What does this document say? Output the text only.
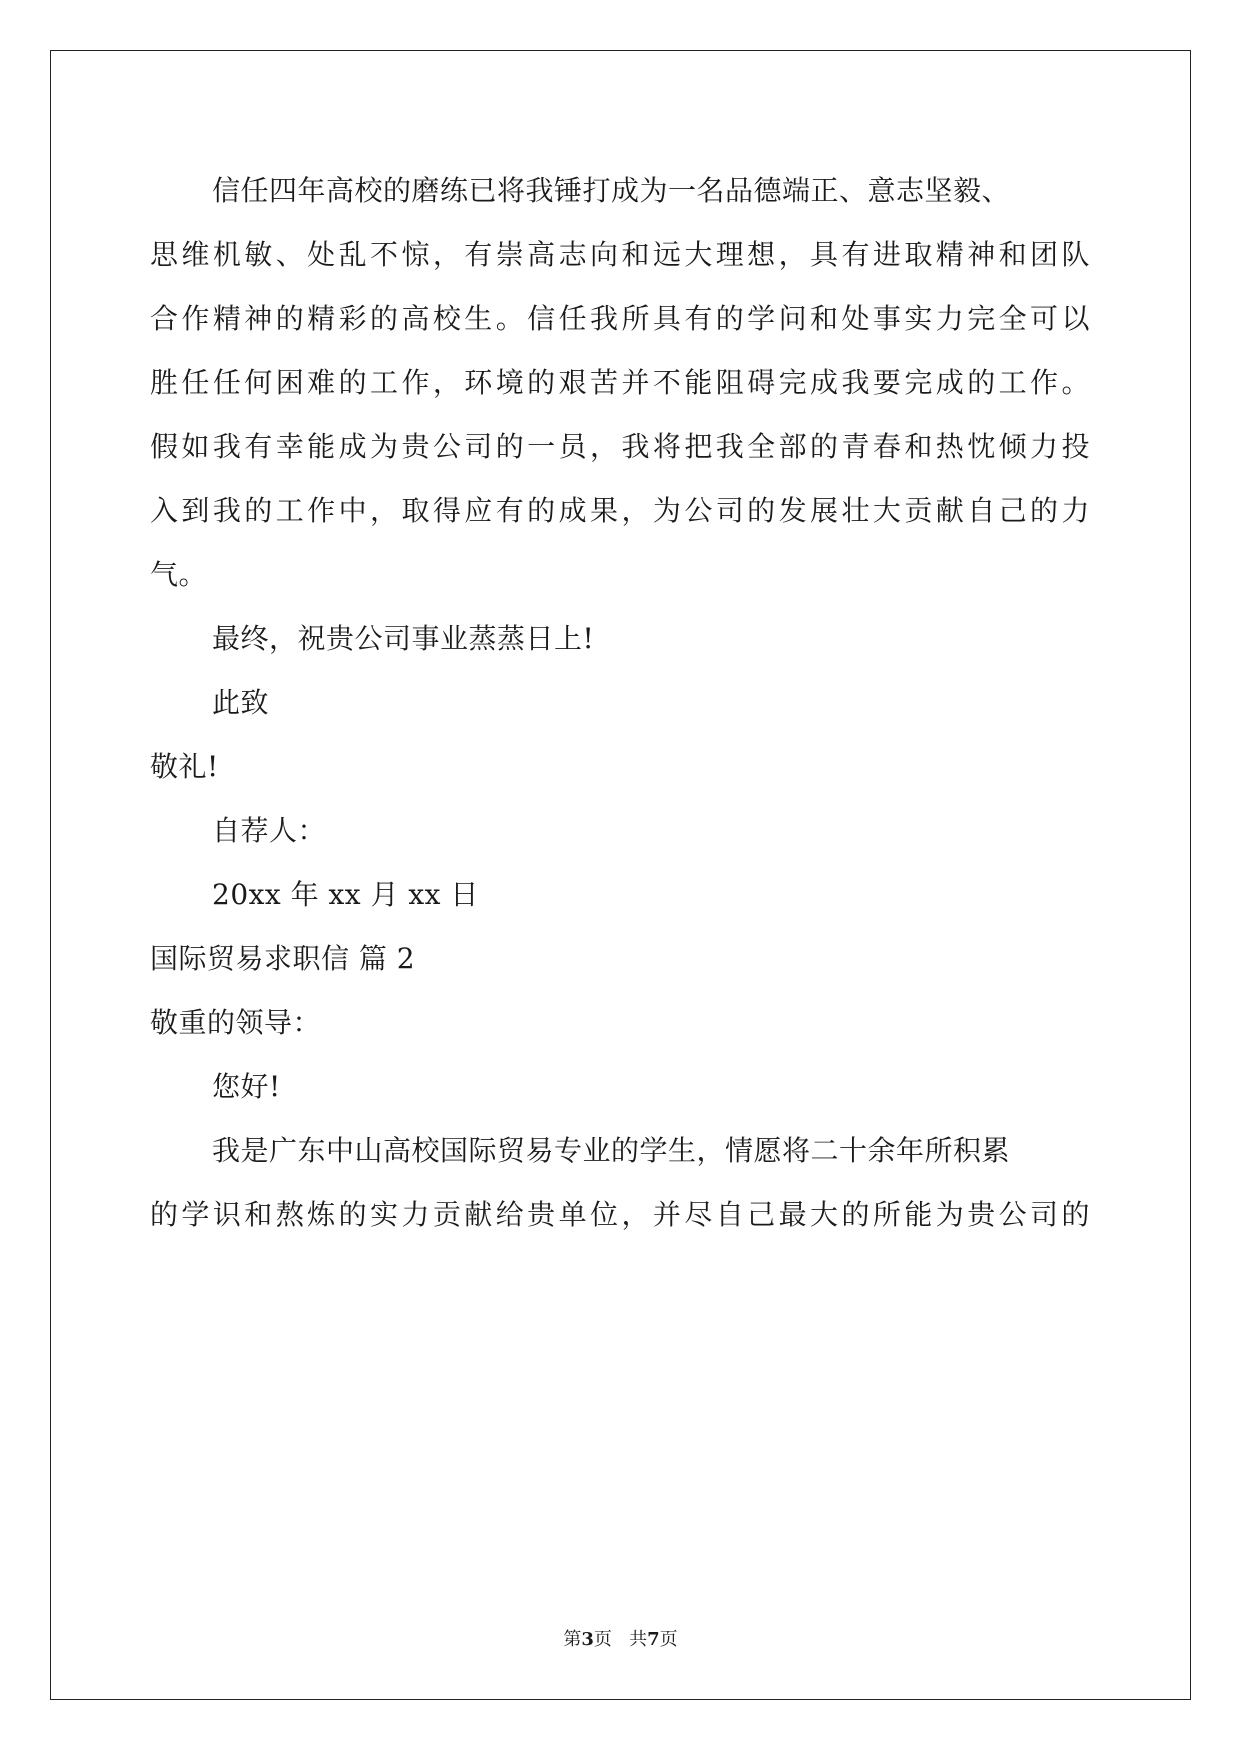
信任四年高校的磨练已将我锤打成为一名品德端正、意志坚毅、
思维机敏、处乱不惊，有崇高志向和远大理想，具有进取精神和团队
合作精神的精彩的高校生。信任我所具有的学问和处事实力完全可以
胜任任何困难的工作，环境的艰苦并不能阻碍完成我要完成的工作。
假如我有幸能成为贵公司的一员，我将把我全部的青春和热忱倾力投
入到我的工作中，取得应有的成果，为公司的发展壮大贡献自己的力
气。
最终，祝贵公司事业蒸蒸日上!
此致
敬礼!
自荐人：
20xx 年 xx 月 xx 日
国际贸易求职信 篇 2
敬重的领导：
您好!
我是广东中山高校国际贸易专业的学生，情愿将二十余年所积累
的学识和熬炼的实力贡献给贵单位，并尽自己最大的所能为贵公司的
第3页   共7页
